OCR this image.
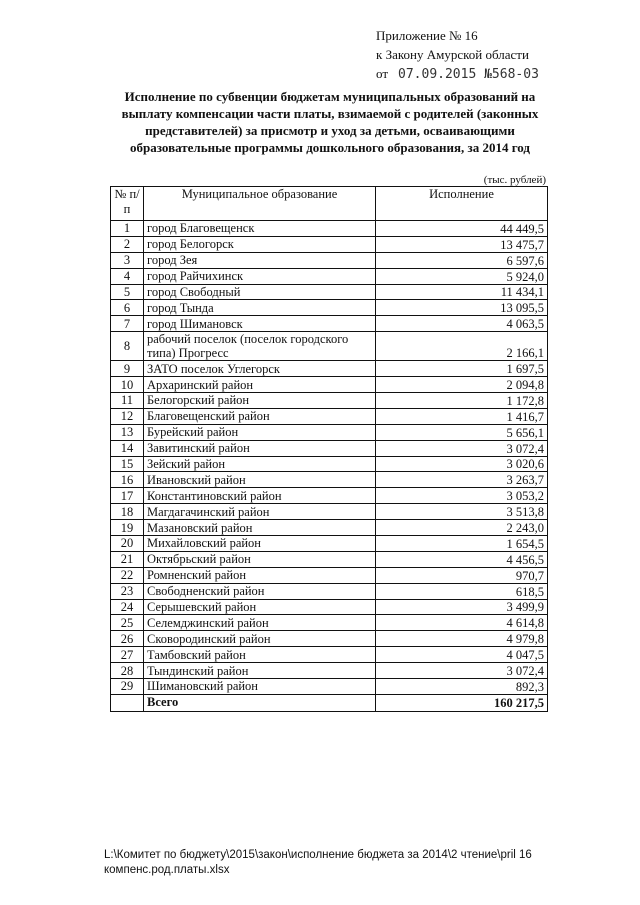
Приложение № 16
к Закону Амурской области
от 07.09.2015 №568-03
Исполнение по субвенции бюджетам муниципальных образований на выплату компенсации части платы, взимаемой с родителей (законных представителей) за присмотр и уход за детьми, осваивающими образовательные программы дошкольного образования, за 2014 год
(тыс. рублей)
№ п/п	Муниципальное образование	Исполнение
1	город Благовещенск	44 449,5
2	город Белогорск	13 475,7
3	город Зея	6 597,6
4	город Райчихинск	5 924,0
5	город Свободный	11 434,1
6	город Тында	13 095,5
7	город Шимановск	4 063,5
8	рабочий поселок (поселок городского типа) Прогресс	2 166,1
9	ЗАТО поселок Углегорск	1 697,5
10	Архаринский район	2 094,8
11	Белогорский район	1 172,8
12	Благовещенский район	1 416,7
13	Бурейский район	5 656,1
14	Завитинский район	3 072,4
15	Зейский район	3 020,6
16	Ивановский район	3 263,7
17	Константиновский район	3 053,2
18	Магдагачинский район	3 513,8
19	Мазановский район	2 243,0
20	Михайловский район	1 654,5
21	Октябрьский район	4 456,5
22	Ромненский район	970,7
23	Свободненский район	618,5
24	Серышевский район	3 499,9
25	Селемджинский район	4 614,8
26	Сковородинский район	4 979,8
27	Тамбовский район	4 047,5
28	Тындинский район	3 072,4
29	Шимановский район	892,3
	Всего	160 217,5
L:\Комитет по бюджету\2015\закон\исполнение бюджета за 2014\2 чтение\pril 16
компенс.род.платы.xlsx
